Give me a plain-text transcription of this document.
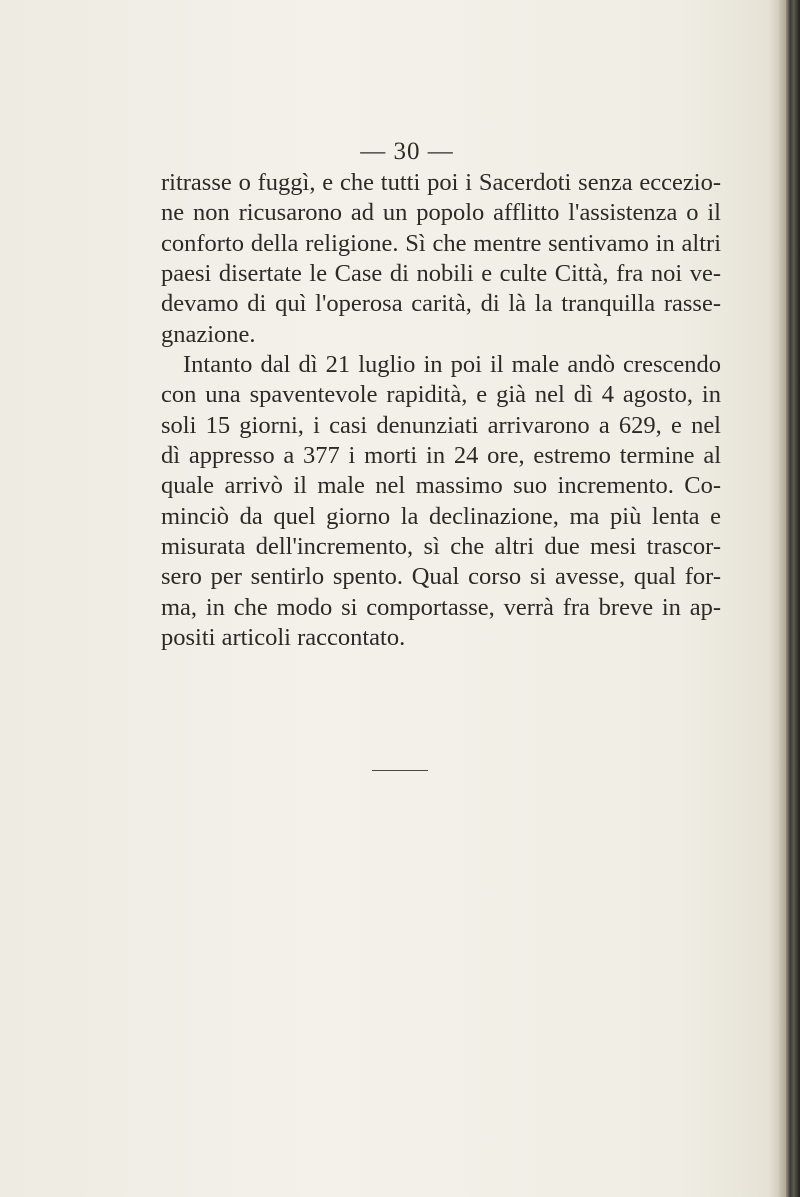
— 30 —
ritrasse o fuggì, e che tutti poi i Sacerdoti senza eccezio-
ne non ricusarono ad un popolo afflitto l'assistenza o il
conforto della religione. Sì che mentre sentivamo in altri
paesi disertate le Case di nobili e culte Città, fra noi ve-
devamo di quì l'operosa carità, di là la tranquilla rasse-
gnazione.
Intanto dal dì 21 luglio in poi il male andò crescendo
con una spaventevole rapidità, e già nel dì 4 agosto, in
soli 15 giorni, i casi denunziati arrivarono a 629, e nel
dì appresso a 377 i morti in 24 ore, estremo termine al
quale arrivò il male nel massimo suo incremento. Co-
minciò da quel giorno la declinazione, ma più lenta e
misurata dell'incremento, sì che altri due mesi trascor-
sero per sentirlo spento. Qual corso si avesse, qual for-
ma, in che modo si comportasse, verrà fra breve in ap-
positi articoli raccontato.
